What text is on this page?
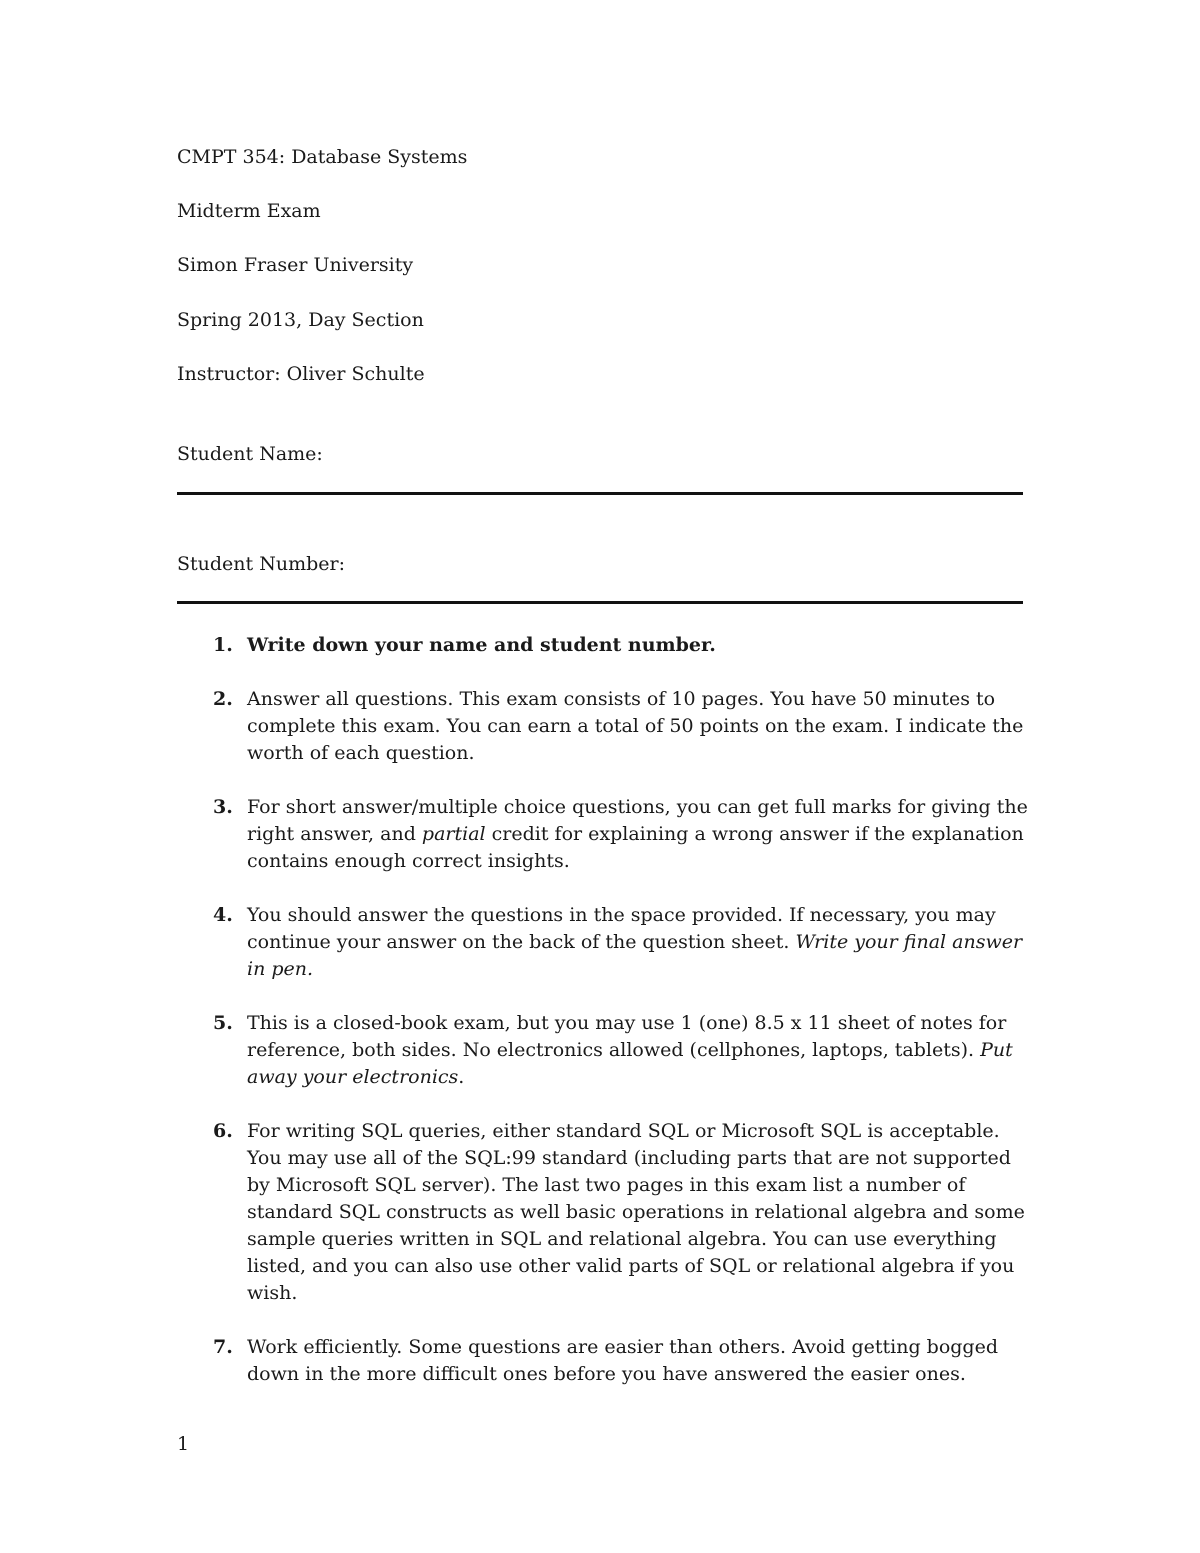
CMPT 354: Database Systems
Midterm Exam
Simon Fraser University
Spring 2013, Day Section
Instructor: Oliver Schulte
Student Name:
Student Number:
1. Write down your name and student number.
2. Answer all questions. This exam consists of 10 pages. You have 50 minutes to complete this exam. You can earn a total of 50 points on the exam. I indicate the worth of each question.
3. For short answer/multiple choice questions, you can get full marks for giving the right answer, and partial credit for explaining a wrong answer if the explanation contains enough correct insights.
4. You should answer the questions in the space provided. If necessary, you may continue your answer on the back of the question sheet. Write your final answer in pen.
5. This is a closed-book exam, but you may use 1 (one) 8.5 x 11 sheet of notes for reference, both sides. No electronics allowed (cellphones, laptops, tablets). Put away your electronics.
6. For writing SQL queries, either standard SQL or Microsoft SQL is acceptable. You may use all of the SQL:99 standard (including parts that are not supported by Microsoft SQL server). The last two pages in this exam list a number of standard SQL constructs as well basic operations in relational algebra and some sample queries written in SQL and relational algebra. You can use everything listed, and you can also use other valid parts of SQL or relational algebra if you wish.
7. Work efficiently. Some questions are easier than others. Avoid getting bogged down in the more difficult ones before you have answered the easier ones.
1
